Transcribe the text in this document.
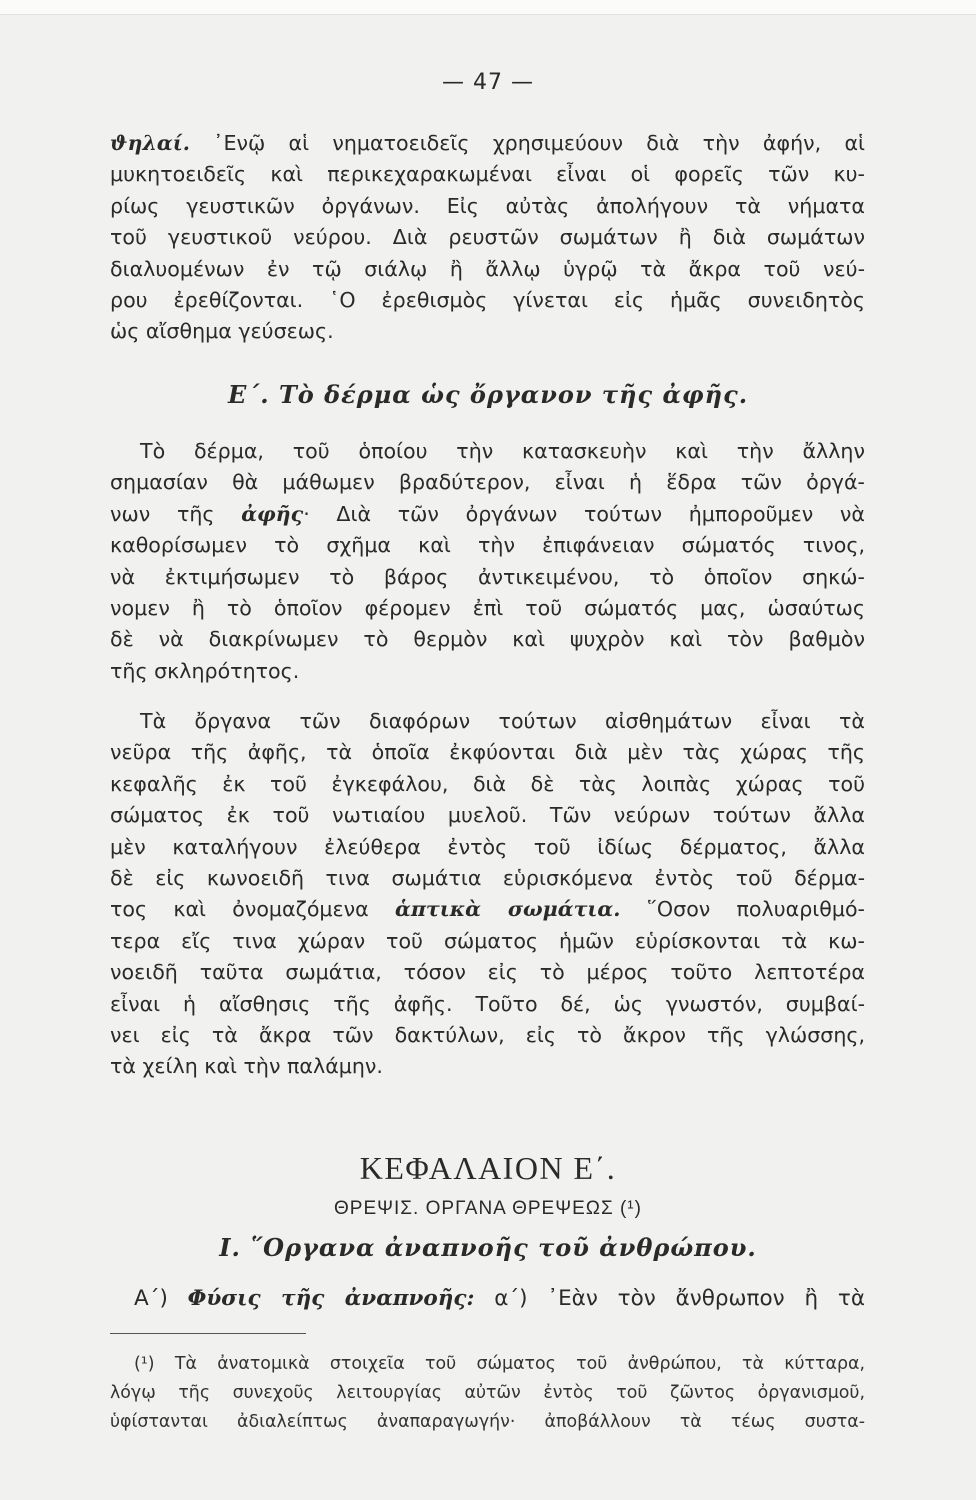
— 47 —
ϑηλαί. ᾿Ενῷ αἱ νηματοειδεῖς χρησιμεύουν διὰ τὴν ἀφήν, αἱ
μυκητοειδεῖς καὶ περικεχαρακωμέναι εἶναι οἱ φορεῖς τῶν κυ-
ρίως γευστικῶν ὀργάνων. Εἰς αὐτὰς ἀπολήγουν τὰ νήματα
τοῦ γευστικοῦ νεύρου. Διὰ ρευστῶν σωμάτων ἢ διὰ σωμάτων
διαλυομένων ἐν τῷ σιάλῳ ἢ ἄλλῳ ὑγρῷ τὰ ἄκρα τοῦ νεύ-
ρου ἐρεθίζονται. ῾Ο ἐρεθισμὸς γίνεται εἰς ἡμᾶς συνειδητὸς
ὡς αἴσθημα γεύσεως.
Ε΄. Τὸ δέρμα ὡς ὄργανον τῆς ἀφῆς.
Τὸ δέρμα, τοῦ ὁποίου τὴν κατασκευὴν καὶ τὴν ἄλλην
σημασίαν θὰ μάθωμεν βραδύτερον, εἶναι ἡ ἕδρα τῶν ὀργά-
νων τῆς ἀφῆς· Διὰ τῶν ὀργάνων τούτων ἠμποροῦμεν νὰ
καθορίσωμεν τὸ σχῆμα καὶ τὴν ἐπιφάνειαν σώματός τινος,
νὰ ἐκτιμήσωμεν τὸ βάρος ἀντικειμένου, τὸ ὁποῖον σηκώ-
νομεν ἢ τὸ ὁποῖον φέρομεν ἐπὶ τοῦ σώματός μας, ὡσαύτως
δὲ νὰ διακρίνωμεν τὸ θερμὸν καὶ ψυχρὸν καὶ τὸν βαθμὸν
τῆς σκληρότητος.
Τὰ ὄργανα τῶν διαφόρων τούτων αἰσθημάτων εἶναι τὰ
νεῦρα τῆς ἀφῆς, τὰ ὁποῖα ἐκφύονται διὰ μὲν τὰς χώρας τῆς
κεφαλῆς ἐκ τοῦ ἐγκεφάλου, διὰ δὲ τὰς λοιπὰς χώρας τοῦ
σώματος ἐκ τοῦ νωτιαίου μυελοῦ. Τῶν νεύρων τούτων ἄλλα
μὲν καταλήγουν ἐλεύθερα ἐντὸς τοῦ ἰδίως δέρματος, ἄλλα
δὲ εἰς κωνοειδῆ τινα σωμάτια εὑρισκόμενα ἐντὸς τοῦ δέρμα-
τος καὶ ὀνομαζόμενα ἁπτικὰ σωμάτια. ῞Οσον πολυαριθμό-
τερα εἴς τινα χώραν τοῦ σώματος ἡμῶν εὑρίσκονται τὰ κω-
νοειδῆ ταῦτα σωμάτια, τόσον εἰς τὸ μέρος τοῦτο λεπτοτέρα
εἶναι ἡ αἴσθησις τῆς ἀφῆς. Τοῦτο δέ, ὡς γνωστόν, συμβαί-
νει εἰς τὰ ἄκρα τῶν δακτύλων, εἰς τὸ ἄκρον τῆς γλώσσης,
τὰ χείλη καὶ τὴν παλάμην.
ΚΕΦΑΛΑΙΟΝ Ε΄.
ΘΡΕΨΙΣ. ΟΡΓΑΝΑ ΘΡΕΨΕΩΣ (¹)
Ι. ῞Οργανα ἀναπνοῆς τοῦ ἀνθρώπου.
Α΄) Φύσις τῆς ἀναπνοῆς: α΄) ᾿Εὰν τὸν ἄνθρωπον ἢ τὰ
(¹) Τὰ ἀνατομικὰ στοιχεῖα τοῦ σώματος τοῦ ἀνθρώπου, τὰ κύτταρα,
λόγῳ τῆς συνεχοῦς λειτουργίας αὐτῶν ἐντὸς τοῦ ζῶντος ὀργανισμοῦ,
ὑφίστανται ἀδιαλείπτως ἀναπαραγωγήν· ἀποβάλλουν τὰ τέως συστα-
